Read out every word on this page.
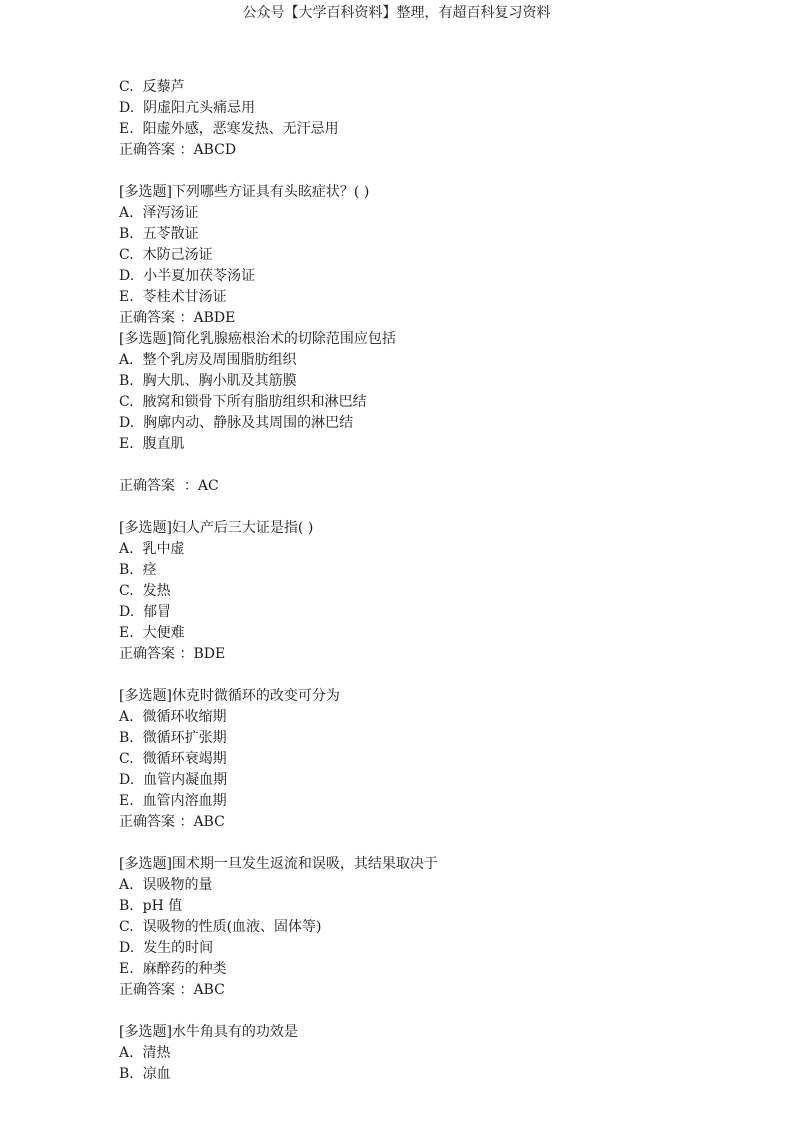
公众号【大学百科资料】整理，有超百科复习资料
C.  反藜芦
D.  阴虚阳亢头痛忌用
E.  阳虚外感，恶寒发热、无汗忌用
正确答案 ：ABCD
[多选题]下列哪些方证具有头眩症状？( )
A.  泽泻汤证
B.  五苓散证
C.  木防己汤证
D.  小半夏加茯苓汤证
E.  苓桂术甘汤证
正确答案 ：ABDE
[多选题]简化乳腺癌根治术的切除范围应包括
A.  整个乳房及周围脂肪组织
B.  胸大肌、胸小肌及其筋膜
C.  腋窝和锁骨下所有脂肪组织和淋巴结
D.  胸廓内动、静脉及其周围的淋巴结
E.  腹直肌
正确答案  ：AC
[多选题]妇人产后三大证是指( )
A.  乳中虚
B.  痉
C.  发热
D.  郁冒
E.  大便难
正确答案 ：BDE
[多选题]休克时微循环的改变可分为
A.  微循环收缩期
B.  微循环扩张期
C.  微循环衰竭期
D.  血管内凝血期
E.  血管内溶血期
正确答案 ：ABC
[多选题]围术期一旦发生返流和误吸，其结果取决于
A.  误吸物的量
B.  pH 值
C.  误吸物的性质(血液、固体等)
D.  发生的时间
E.  麻醉药的种类
正确答案 ：ABC
[多选题]水牛角具有的功效是
A.  清热
B.  凉血
